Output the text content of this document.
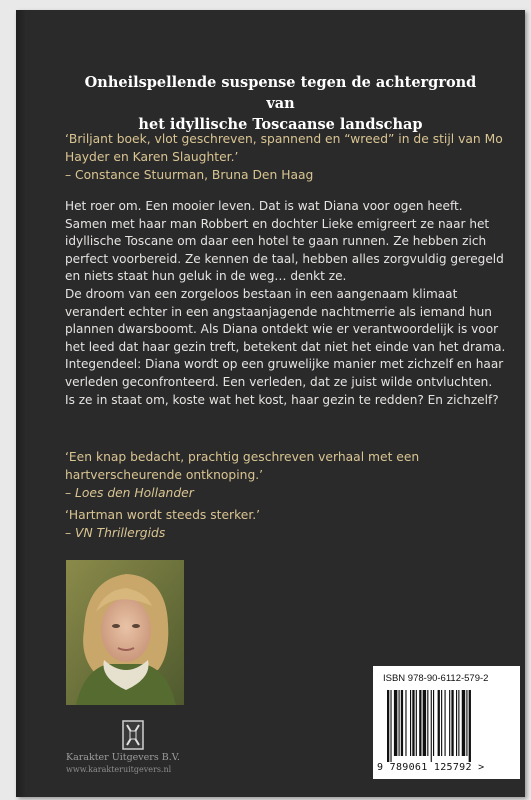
Onheilspellende suspense tegen de achtergrond van
het idyllische Toscaanse landschap
‘Briljant boek, vlot geschreven, spannend en “wreed” in de stijl van Mo Hayder en Karen Slaughter.’
– Constance Stuurman, Bruna Den Haag

Het roer om. Een mooier leven. Dat is wat Diana voor ogen heeft. Samen met haar man Robbert en dochter Lieke emigreert ze naar het idyllische Toscane om daar een hotel te gaan runnen. Ze hebben zich perfect voorbereid. Ze kennen de taal, hebben alles zorgvuldig geregeld en niets staat hun geluk in de weg… denkt ze.

De droom van een zorgeloos bestaan in een aangenaam klimaat verandert echter in een angstaanjagende nachtmerrie als iemand hun plannen dwarsboomt. Als Diana ontdekt wie er verantwoordelijk is voor het leed dat haar gezin treft, betekent dat niet het einde van het drama. Integendeel: Diana wordt op een gruwelijke manier met zichzelf en haar verleden geconfronteerd. Een verleden, dat ze juist wilde ontvluchten.

Is ze in staat om, koste wat het kost, haar gezin te redden? En zichzelf?

‘Een knap bedacht, prachtig geschreven verhaal met een hartverscheurende ontknoping.’
– Loes den Hollander
‘Hartman wordt steeds sterker.’
– VN Thrillergids
Karakter Uitgevers B.V.
www.karakteruitgevers.nl
ISBN 978-90-6112-579-2
9 789061 125792 >
